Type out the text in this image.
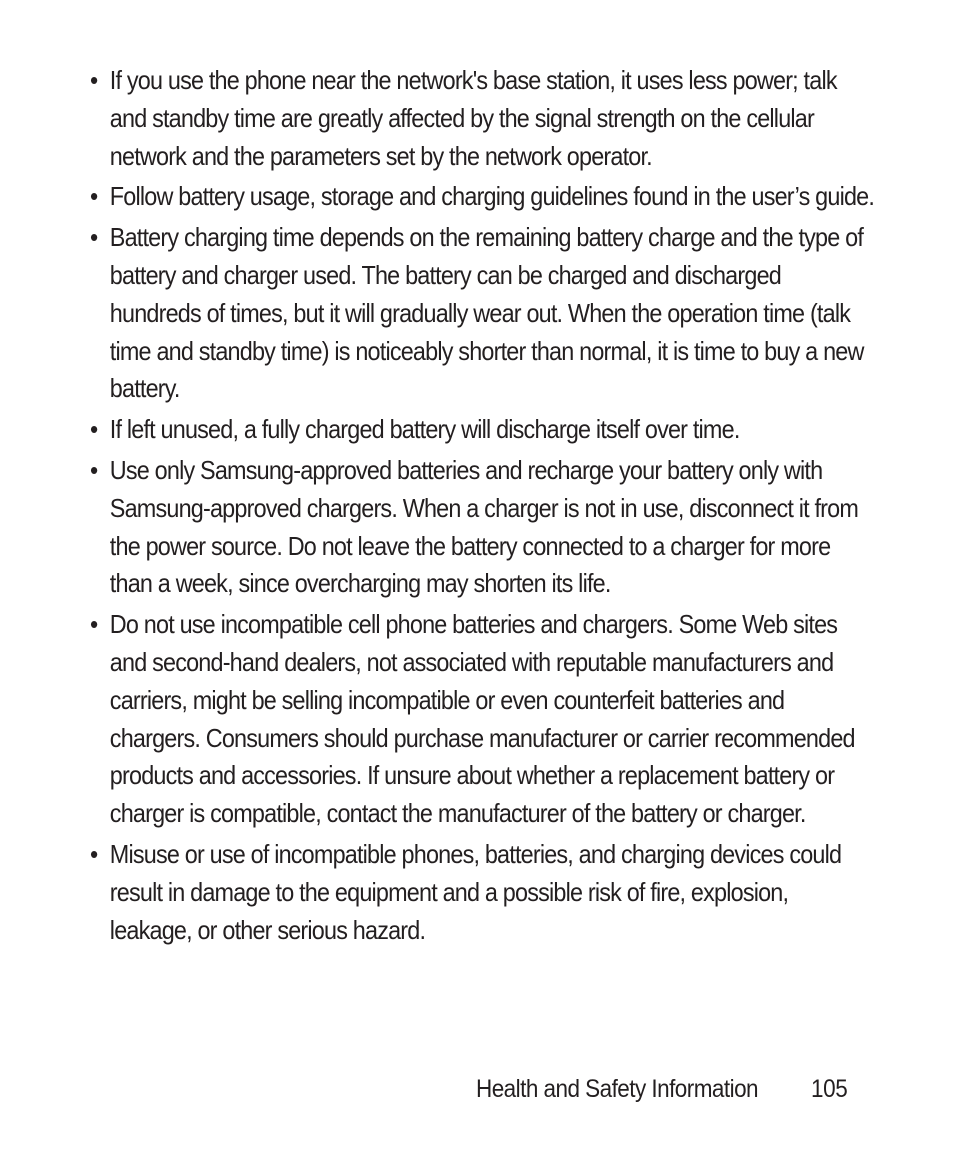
• If you use the phone near the network's base station, it uses less power; talk and standby time are greatly affected by the signal strength on the cellular network and the parameters set by the network operator.
• Follow battery usage, storage and charging guidelines found in the user’s guide.
• Battery charging time depends on the remaining battery charge and the type of battery and charger used. The battery can be charged and discharged hundreds of times, but it will gradually wear out. When the operation time (talk time and standby time) is noticeably shorter than normal, it is time to buy a new battery.
• If left unused, a fully charged battery will discharge itself over time.
• Use only Samsung-approved batteries and recharge your battery only with Samsung-approved chargers. When a charger is not in use, disconnect it from the power source. Do not leave the battery connected to a charger for more than a week, since overcharging may shorten its life.
• Do not use incompatible cell phone batteries and chargers. Some Web sites and second-hand dealers, not associated with reputable manufacturers and carriers, might be selling incompatible or even counterfeit batteries and chargers. Consumers should purchase manufacturer or carrier recommended products and accessories. If unsure about whether a replacement battery or charger is compatible, contact the manufacturer of the battery or charger.
• Misuse or use of incompatible phones, batteries, and charging devices could result in damage to the equipment and a possible risk of fire, explosion, leakage, or other serious hazard.
Health and Safety Information 105
